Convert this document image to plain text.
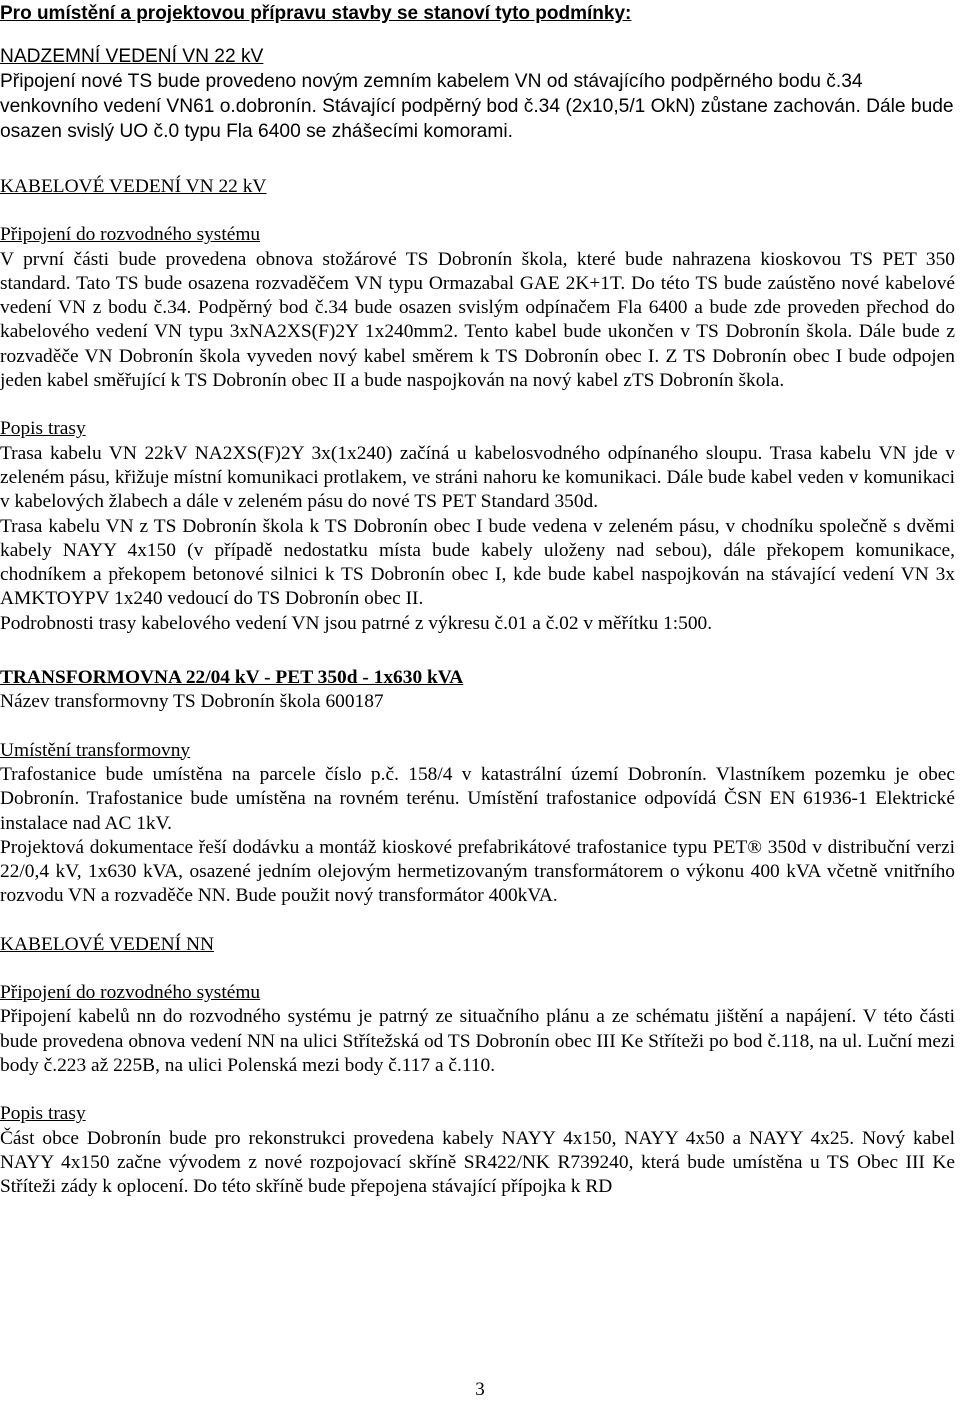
Pro umístění a projektovou přípravu stavby se stanoví tyto podmínky:

NADZEMNÍ VEDENÍ VN 22 kV

Připojení nové TS bude provedeno novým zemním kabelem VN od stávajícího podpěrného bodu č.34 venkovního vedení VN61 o.dobronín. Stávající podpěrný bod č.34 (2x10,5/1 OkN) zůstane zachován. Dále bude osazen svislý UO č.0 typu Fla 6400 se zhášecími komorami.

KABELOVÉ VEDENÍ VN 22 kV

Připojení do rozvodného systému

V první části bude provedena obnova stožárové TS Dobronín škola, které bude nahrazena kioskovou TS PET 350 standard. Tato TS bude osazena rozvaděčem VN typu Ormazabal GAE 2K+1T. Do této TS bude zaústěno nové kabelové vedení VN z bodu č.34. Podpěrný bod č.34 bude osazen svislým odpínačem Fla 6400 a bude zde proveden přechod do kabelového vedení VN typu 3xNA2XS(F)2Y 1x240mm2. Tento kabel bude ukončen v TS Dobronín škola. Dále bude z rozvaděče VN Dobronín škola vyveden nový kabel směrem k TS Dobronín obec I. Z TS Dobronín obec I bude odpojen jeden kabel směřující k TS Dobronín obec II a bude naspojkován na nový kabel zTS Dobronín škola.

Popis trasy

Trasa kabelu VN 22kV NA2XS(F)2Y 3x(1x240) začíná u kabelosvodného odpínaného sloupu. Trasa kabelu VN jde v zeleném pásu, křižuje místní komunikaci protlakem, ve stráni nahoru ke komunikaci. Dále bude kabel veden v komunikaci v kabelových žlabech a dále v zeleném pásu do nové TS PET Standard 350d.

Trasa kabelu VN z TS Dobronín škola k TS Dobronín obec I bude vedena v zeleném pásu, v chodníku společně s dvěmi kabely NAYY 4x150 (v případě nedostatku místa bude kabely uloženy nad sebou), dále překopem komunikace, chodníkem a překopem betonové silnici k TS Dobronín obec I, kde bude kabel naspojkován na stávající vedení VN 3x AMKTOYPV 1x240 vedoucí do TS Dobronín obec II.

Podrobnosti trasy kabelového vedení VN jsou patrné z výkresu č.01 a č.02 v měřítku 1:500.

TRANSFORMOVNA 22/04 kV - PET 350d - 1x630 kVA

Název transformovny TS Dobronín škola 600187

Umístění transformovny

Trafostanice bude umístěna na parcele číslo p.č. 158/4 v katastrální území Dobronín. Vlastníkem pozemku je obec Dobronín. Trafostanice bude umístěna na rovném terénu. Umístění trafostanice odpovídá ČSN EN 61936-1 Elektrické instalace nad AC 1kV.

Projektová dokumentace řeší dodávku a montáž kioskové prefabrikátové trafostanice typu PET® 350d v distribuční verzi 22/0,4 kV, 1x630 kVA, osazené jedním olejovým hermetizovaným transformátorem o výkonu 400 kVA včetně vnitřního rozvodu VN a rozvaděče NN. Bude použit nový transformátor 400kVA.

KABELOVÉ VEDENÍ NN

Připojení do rozvodného systému

Připojení kabelů nn do rozvodného systému je patrný ze situačního plánu a ze schématu jištění a napájení. V této části bude provedena obnova vedení NN na ulici Střítežská od TS Dobronín obec III Ke Stříteži po bod č.118, na ul. Luční mezi body č.223 až 225B, na ulici Polenská mezi body č.117 a č.110.

Popis trasy

Část obce Dobronín bude pro rekonstrukci provedena kabely NAYY 4x150, NAYY 4x50 a NAYY 4x25. Nový kabel NAYY 4x150 začne vývodem z nové rozpojovací skříně SR422/NK R739240, která bude umístěna u TS Obec III Ke Stříteži zády k oplocení. Do této skříně bude přepojena stávající přípojka k RD

3
